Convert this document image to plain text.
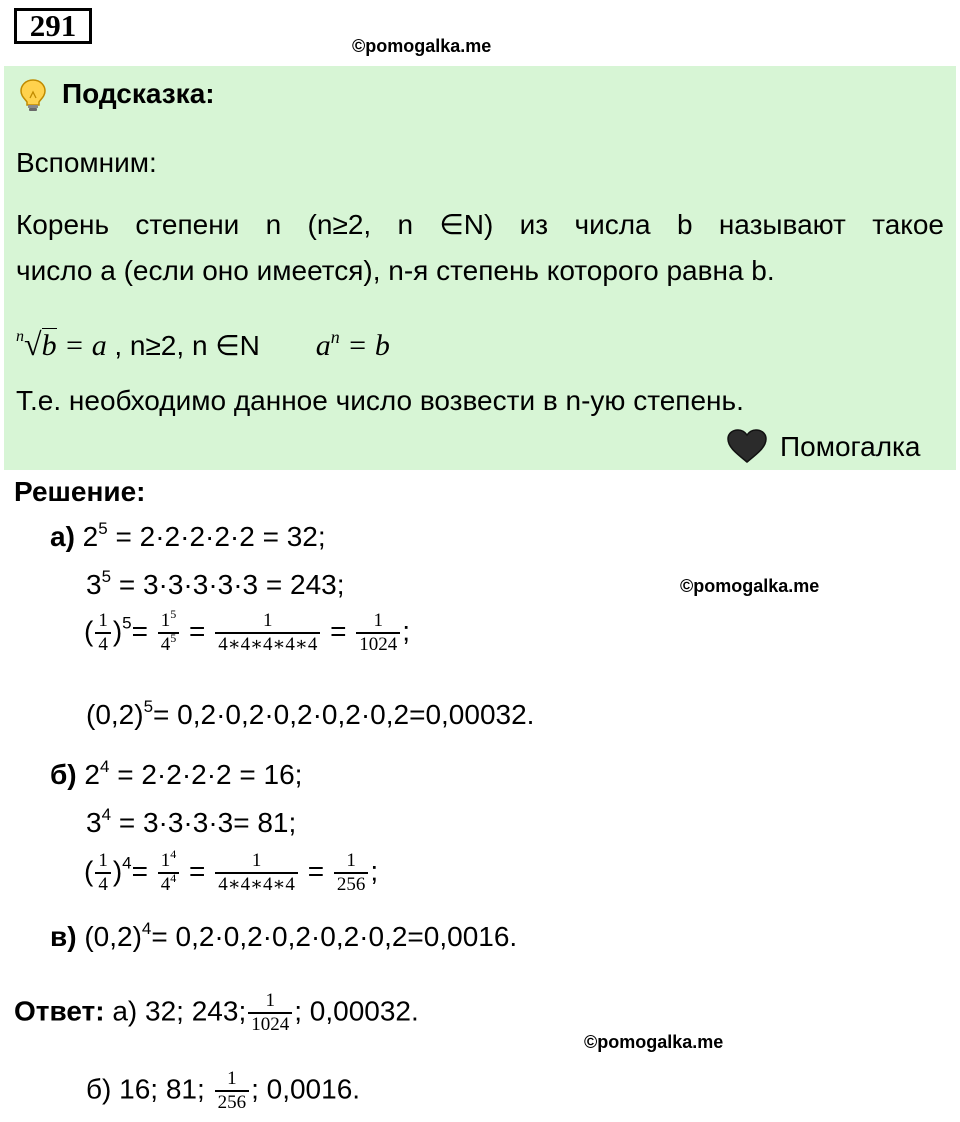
291
©pomogalka.me
Подсказка:
Вспомним:
Корень степени n (n≥2, n ∈N) из числа b называют такое
число а (если оно имеется), n-я степень которого равна b.
$^n$√b = a , n≥2, n ∈N $a^n = b$
Т.е. необходимо данное число возвести в n-ую степень.
Помогалка
Решение:
а) $2^5 = 2\cdot 2\cdot 2\cdot 2\cdot 2 = 32$;
$3^5 = 3\cdot 3\cdot 3\cdot 3\cdot 3 = 243$;	©pomogalka.me
( $\frac{1}{4} )^5= \frac{1^5}{4^5} = \frac{1}{4∗4∗4∗4∗4} = \frac{1}{1024}$ ;
$(0,2)^5= 0,2\cdot 0,2\cdot 0,2\cdot 0,2\cdot 0,2=0,00032$.
б) $2^4 = 2\cdot 2\cdot 2\cdot 2 = 16$;
$3^4 = 3\cdot 3\cdot 3\cdot 3= 81$;
( $\frac{1}{4} )^4= \frac{1^4}{4^4} = \frac{1}{4∗4∗4∗4} = \frac{1}{256}$ ;
в) $(0,2)^4= 0,2\cdot 0,2\cdot 0,2\cdot 0,2\cdot 0,2=0,0016$.
Ответ: а) 32; 243; $\frac{1}{1024}$ ; 0,00032.
©pomogalka.me
б) 16; 81; $\frac{1}{256}$ ; 0,0016.
